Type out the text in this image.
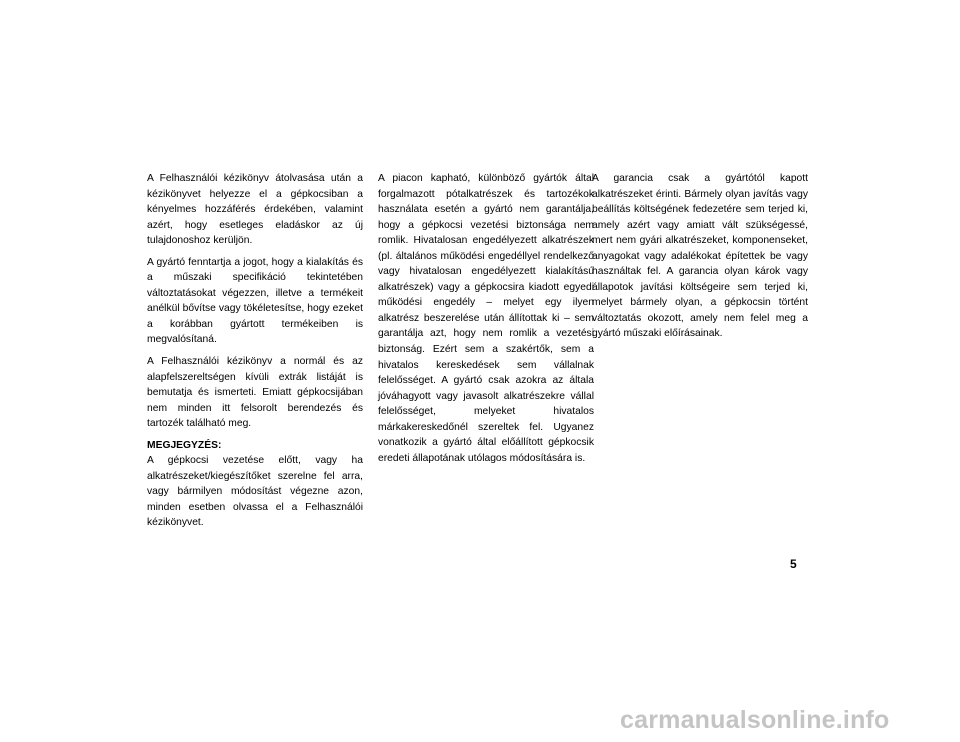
A Felhasználói kézikönyv átolvasása után a kézikönyvet helyezze el a gépkocsiban a kényelmes hozzáférés érdekében, valamint azért, hogy esetleges eladáskor az új tulajdonoshoz kerüljön.

A gyártó fenntartja a jogot, hogy a kialakítás és a műszaki specifikáció tekintetében változtatásokat végezzen, illetve a termékeit anélkül bővítse vagy tökéletesítse, hogy ezeket a korábban gyártott termékeiben is megvalósítaná.

A Felhasználói kézikönyv a normál és az alapfelszereltségen kívüli extrák listáját is bemutatja és ismerteti. Emiatt gépkocsijában nem minden itt felsorolt berendezés és tartozék található meg.

MEGJEGYZÉS:

A gépkocsi vezetése előtt, vagy ha alkatrészeket/kiegészítőket szerelne fel arra, vagy bármilyen módosítást végezne azon, minden esetben olvassa el a Felhasználói kézikönyvet.

A piacon kapható, különböző gyártók által forgalmazott pótalkatrészek és tartozékok használata esetén a gyártó nem garantálja, hogy a gépkocsi vezetési biztonsága nem romlik. Hivatalosan engedélyezett alkatrészek (pl. általános működési engedéllyel rendelkező vagy hivatalosan engedélyezett kialakítású alkatrészek) vagy a gépkocsira kiadott egyedi működési engedély – melyet egy ilyen alkatrész beszerelése után állítottak ki – sem garantálja azt, hogy nem romlik a vezetési biztonság. Ezért sem a szakértők, sem a hivatalos kereskedések sem vállalnak felelősséget. A gyártó csak azokra az általa jóváhagyott vagy javasolt alkatrészekre vállal felelősséget, melyeket hivatalos márkakereskedőnél szereltek fel. Ugyanez vonatkozik a gyártó által előállított gépkocsik eredeti állapotának utólagos módosítására is.

A garancia csak a gyártótól kapott alkatrészeket érinti. Bármely olyan javítás vagy beállítás költségének fedezetére sem terjed ki, amely azért vagy amiatt vált szükségessé, mert nem gyári alkatrészeket, komponenseket, anyagokat vagy adalékokat építettek be vagy használtak fel. A garancia olyan károk vagy állapotok javítási költségeire sem terjed ki, melyet bármely olyan, a gépkocsin történt változtatás okozott, amely nem felel meg a gyártó műszaki előírásainak.

5
carmanualsonline.info
